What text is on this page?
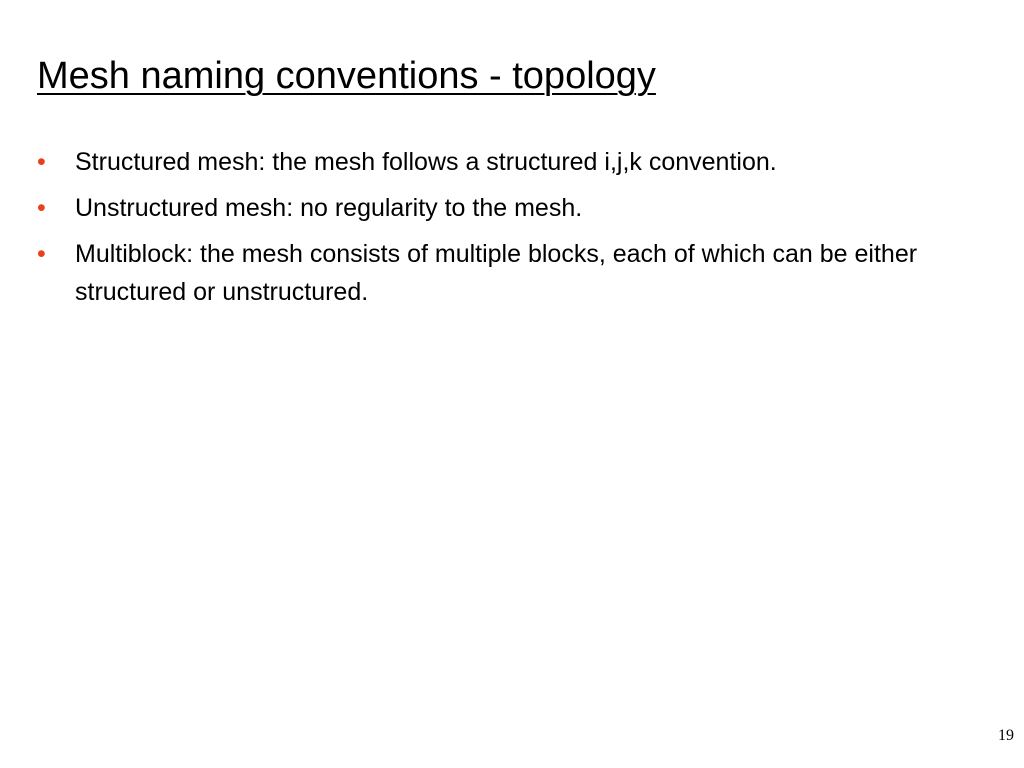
Mesh naming conventions - topology
•	Structured mesh: the mesh follows a structured i,j,k convention.
•	Unstructured mesh: no regularity to the mesh.
•	Multiblock: the mesh consists of multiple blocks, each of which can be either structured or unstructured.
19
